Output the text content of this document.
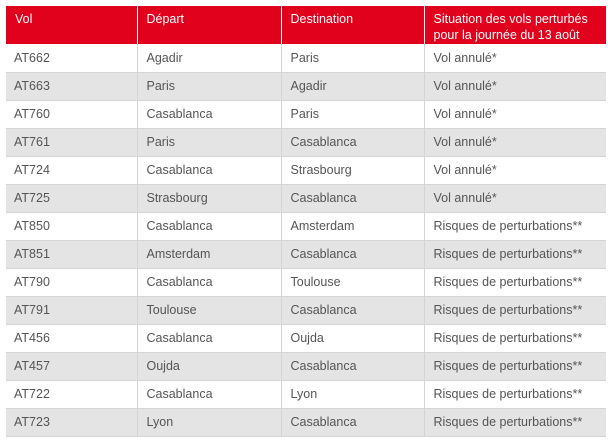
Vol	Départ	Destination	Situation des vols perturbés pour la journée du 13 août
AT662	Agadir	Paris	Vol annulé*
AT663	Paris	Agadir	Vol annulé*
AT760	Casablanca	Paris	Vol annulé*
AT761	Paris	Casablanca	Vol annulé*
AT724	Casablanca	Strasbourg	Vol annulé*
AT725	Strasbourg	Casablanca	Vol annulé*
AT850	Casablanca	Amsterdam	Risques de perturbations**
AT851	Amsterdam	Casablanca	Risques de perturbations**
AT790	Casablanca	Toulouse	Risques de perturbations**
AT791	Toulouse	Casablanca	Risques de perturbations**
AT456	Casablanca	Oujda	Risques de perturbations**
AT457	Oujda	Casablanca	Risques de perturbations**
AT722	Casablanca	Lyon	Risques de perturbations**
AT723	Lyon	Casablanca	Risques de perturbations**
